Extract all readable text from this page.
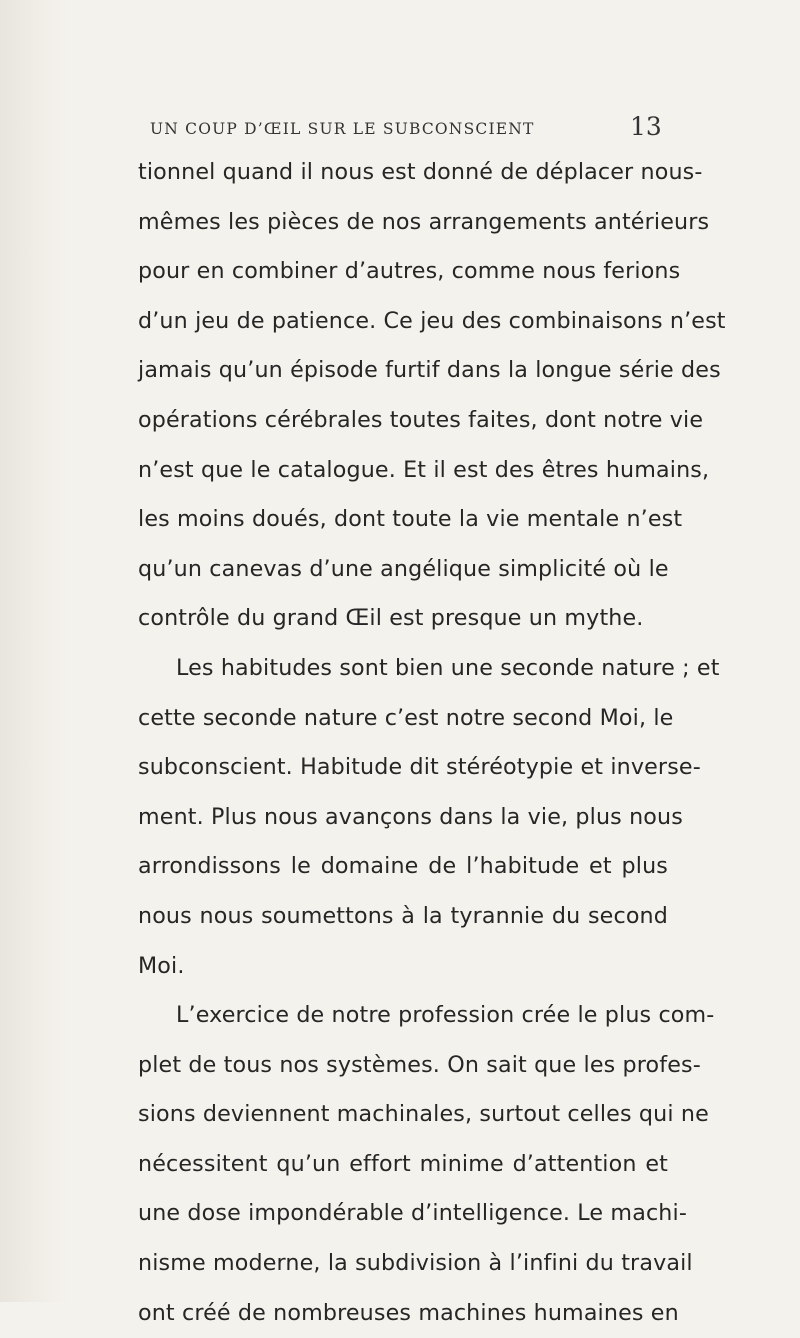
UN COUP D’ŒIL SUR LE SUBCONSCIENT	13
tionnel quand il nous est donné de déplacer nous-
mêmes les pièces de nos arrangements antérieurs
pour en combiner d’autres, comme nous ferions
d’un jeu de patience. Ce jeu des combinaisons n’est
jamais qu’un épisode furtif dans la longue série des
opérations cérébrales toutes faites, dont notre vie
n’est que le catalogue. Et il est des êtres humains,
les moins doués, dont toute la vie mentale n’est
qu’un canevas d’une angélique simplicité où le
contrôle du grand Œil est presque un mythe.
Les habitudes sont bien une seconde nature ; et
cette seconde nature c’est notre second Moi, le
subconscient. Habitude dit stéréotypie et inverse-
ment. Plus nous avançons dans la vie, plus nous
arrondissons le domaine de l’habitude et plus
nous nous soumettons à la tyrannie du second
Moi.
L’exercice de notre profession crée le plus com-
plet de tous nos systèmes. On sait que les profes-
sions deviennent machinales, surtout celles qui ne
nécessitent qu’un effort minime d’attention et
une dose impondérable d’intelligence. Le machi-
nisme moderne, la subdivision à l’infini du travail
ont créé de nombreuses machines humaines en
